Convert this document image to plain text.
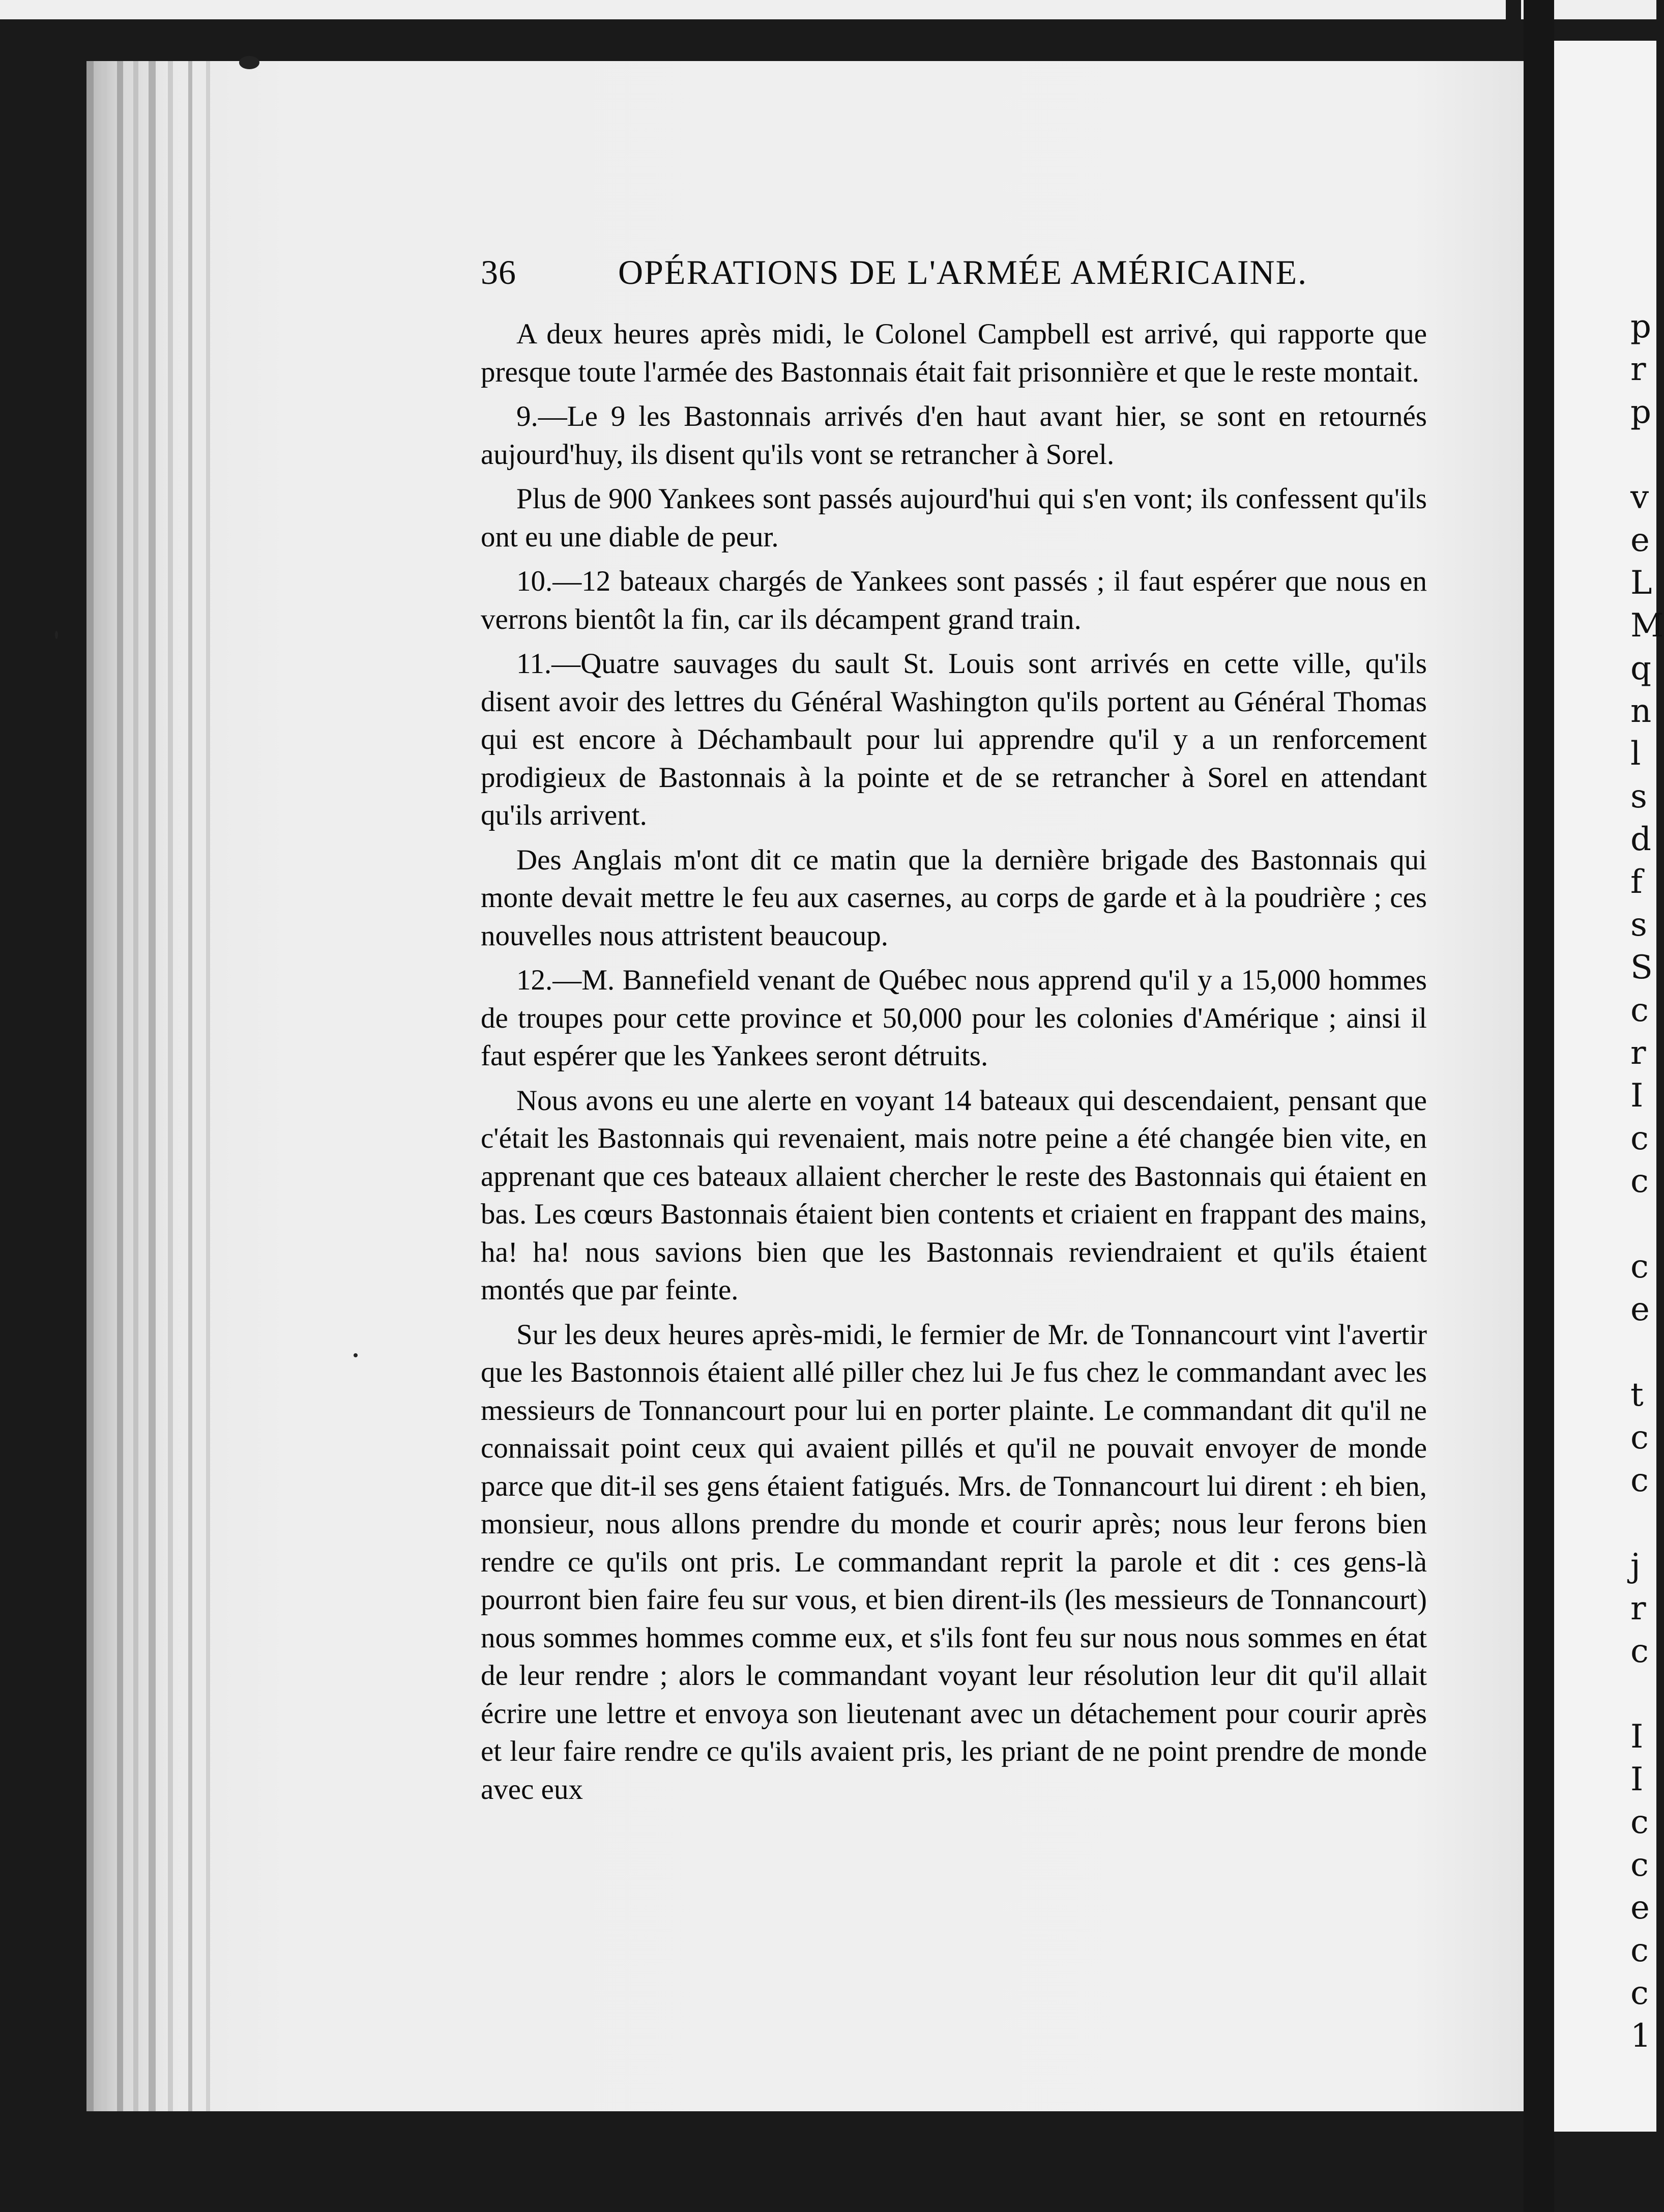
p
r
p

v
e
L
M
q
n
l
s
d
f
s
S
c
r
I
c
c

c
e

t
c
c

j
r
c

I
I
c
c
e
c
c
1
36	OPÉRATIONS DE L'ARMÉE AMÉRICAINE.

A deux heures après midi, le Colonel Campbell est arrivé, qui rapporte que presque toute l'armée des Bastonnais était fait prisonnière et que le reste montait.

9.—Le 9 les Bastonnais arrivés d'en haut avant hier, se sont en retournés aujourd'huy, ils disent qu'ils vont se retrancher à Sorel.

Plus de 900 Yankees sont passés aujourd'hui qui s'en vont; ils confessent qu'ils ont eu une diable de peur.

10.—12 bateaux chargés de Yankees sont passés ; il faut espérer que nous en verrons bientôt la fin, car ils décampent grand train.

11.—Quatre sauvages du sault St. Louis sont arrivés en cette ville, qu'ils disent avoir des lettres du Général Washington qu'ils portent au Général Thomas qui est encore à Déchambault pour lui apprendre qu'il y a un renforcement prodigieux de Bastonnais à la pointe et de se retrancher à Sorel en attendant qu'ils arrivent.

Des Anglais m'ont dit ce matin que la dernière brigade des Bastonnais qui monte devait mettre le feu aux casernes, au corps de garde et à la poudrière ; ces nouvelles nous attristent beaucoup.

12.—M. Bannefield venant de Québec nous apprend qu'il y a 15,000 hommes de troupes pour cette province et 50,000 pour les colonies d'Amérique ; ainsi il faut espérer que les Yankees seront détruits.

Nous avons eu une alerte en voyant 14 bateaux qui descendaient, pensant que c'était les Bastonnais qui revenaient, mais notre peine a été changée bien vite, en apprenant que ces bateaux allaient chercher le reste des Bastonnais qui étaient en bas. Les cœurs Bastonnais étaient bien contents et criaient en frappant des mains, ha! ha! nous savions bien que les Bastonnais reviendraient et qu'ils étaient montés que par feinte.

Sur les deux heures après-midi, le fermier de Mr. de Tonnancourt vint l'avertir que les Bastonnois étaient allé piller chez lui Je fus chez le commandant avec les messieurs de Tonnancourt pour lui en porter plainte. Le commandant dit qu'il ne connaissait point ceux qui avaient pillés et qu'il ne pouvait envoyer de monde parce que dit-il ses gens étaient fatigués. Mrs. de Tonnancourt lui dirent : eh bien, monsieur, nous allons prendre du monde et courir après; nous leur ferons bien rendre ce qu'ils ont pris. Le commandant reprit la parole et dit : ces gens-là pourront bien faire feu sur vous, et bien dirent-ils (les messieurs de Tonnancourt) nous sommes hommes comme eux, et s'ils font feu sur nous nous sommes en état de leur rendre ; alors le commandant voyant leur résolution leur dit qu'il allait écrire une lettre et envoya son lieutenant avec un détachement pour courir après et leur faire rendre ce qu'ils avaient pris, les priant de ne point prendre de monde avec eux
